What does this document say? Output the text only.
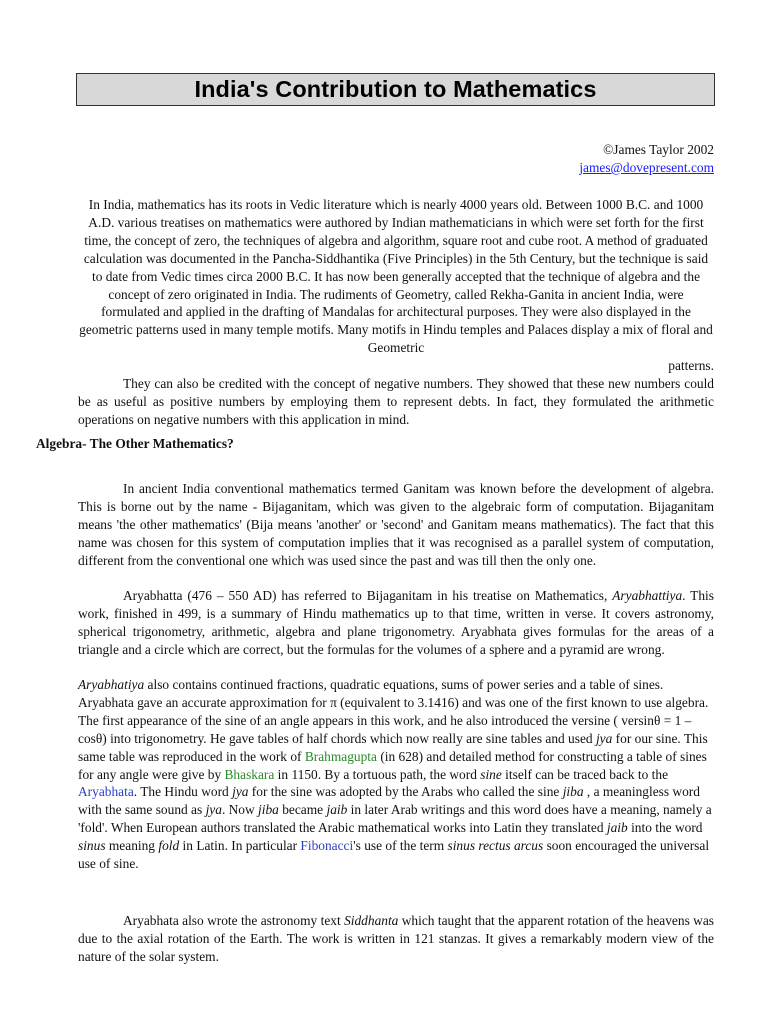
India's Contribution to Mathematics
©James Taylor 2002
james@dovepresent.com

In India, mathematics has its roots in Vedic literature which is nearly 4000 years old. Between 1000 B.C. and 1000 A.D. various treatises on mathematics were authored by Indian mathematicians in which were set forth for the first time, the concept of zero, the techniques of algebra and algorithm, square root and cube root. A method of graduated calculation was documented in the Pancha-Siddhantika (Five Principles) in the 5th Century, but the technique is said to date from Vedic times circa 2000 B.C. It has now been generally accepted that the technique of algebra and the concept of zero originated in India. The rudiments of Geometry, called Rekha-Ganita in ancient India, were formulated and applied in the drafting of Mandalas for architectural purposes. They were also displayed in the geometric patterns used in many temple motifs. Many motifs in Hindu temples and Palaces display a mix of floral and Geometric
patterns.

They can also be credited with the concept of negative numbers. They showed that these new numbers could be as useful as positive numbers by employing them to represent debts. In fact, they formulated the arithmetic operations on negative numbers with this application in mind.

Algebra- The Other Mathematics?

In ancient India conventional mathematics termed Ganitam was known before the development of algebra. This is borne out by the name - Bijaganitam, which was given to the algebraic form of computation. Bijaganitam means 'the other mathematics' (Bija means 'another' or 'second' and Ganitam means mathematics). The fact that this name was chosen for this system of computation implies that it was recognised as a parallel system of computation, different from the conventional one which was used since the past and was till then the only one.

Aryabhatta (476 – 550 AD) has referred to Bijaganitam in his treatise on Mathematics, Aryabhattiya. This work, finished in 499, is a summary of Hindu mathematics up to that time, written in verse. It covers astronomy, spherical trigonometry, arithmetic, algebra and plane trigonometry. Aryabhata gives formulas for the areas of a triangle and a circle which are correct, but the formulas for the volumes of a sphere and a pyramid are wrong.

Aryabhatiya also contains continued fractions, quadratic equations, sums of power series and a table of sines. Aryabhata gave an accurate approximation for π (equivalent to 3.1416) and was one of the first known to use algebra. The first appearance of the sine of an angle appears in this work, and he also introduced the versine ( versinθ = 1 – cosθ) into trigonometry. He gave tables of half chords which now really are sine tables and used jya for our sine. This same table was reproduced in the work of Brahmagupta (in 628) and detailed method for constructing a table of sines for any angle were give by Bhaskara in 1150. By a tortuous path, the word sine itself can be traced back to the Aryabhata. The Hindu word jya for the sine was adopted by the Arabs who called the sine jiba , a meaningless word with the same sound as jya. Now jiba became jaib in later Arab writings and this word does have a meaning, namely a 'fold'. When European authors translated the Arabic mathematical works into Latin they translated jaib into the word sinus meaning fold in Latin. In particular Fibonacci's use of the term sinus rectus arcus soon encouraged the universal use of sine.

Aryabhata also wrote the astronomy text Siddhanta which taught that the apparent rotation of the heavens was due to the axial rotation of the Earth. The work is written in 121 stanzas. It gives a remarkably modern view of the nature of the solar system.
